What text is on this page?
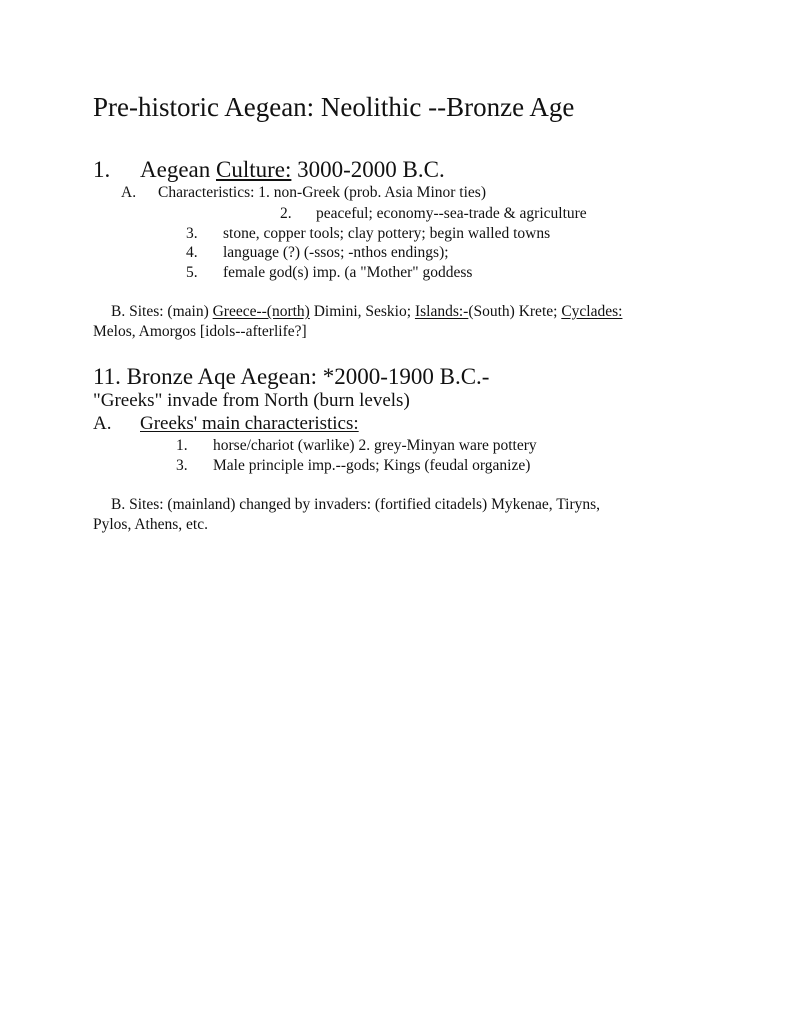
Pre-historic Aegean: Neolithic --Bronze Age
1. Aegean Culture: 3000-2000 B.C.
A. Characteristics: 1. non-Greek (prob. Asia Minor ties)
2. peaceful; economy--sea-trade & agriculture
3. stone, copper tools; clay pottery; begin walled towns
4. language (?) (-ssos; -nthos endings);
5. female god(s) imp. (a "Mother" goddess
B. Sites: (main) Greece--(north) Dimini, Seskio; Islands:-(South) Krete; Cyclades:
Melos, Amorgos [idols--afterlife?]
11. Bronze Aqe Aegean: *2000-1900 B.C.-
"Greeks" invade from North (burn levels)
A. Greeks' main characteristics:
1. horse/chariot (warlike) 2. grey-Minyan ware pottery
3. Male principle imp.--gods; Kings (feudal organize)
B. Sites: (mainland) changed by invaders: (fortified citadels) Mykenae, Tiryns,
Pylos, Athens, etc.
